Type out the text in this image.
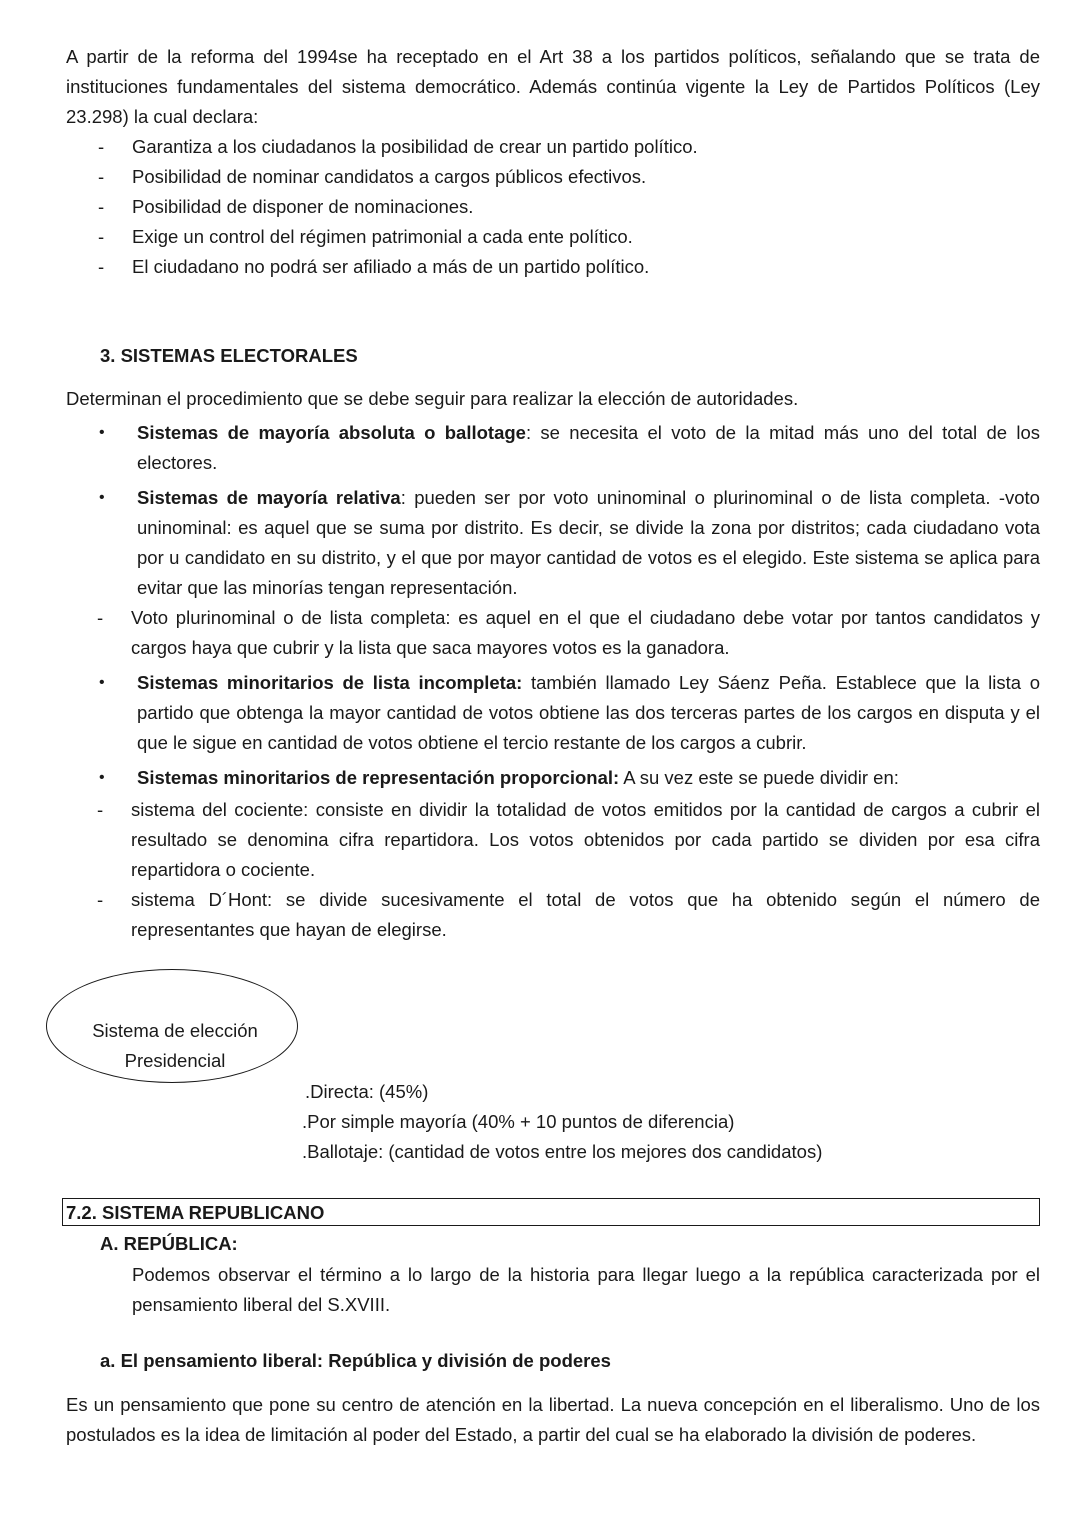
A partir de la reforma del 1994se ha receptado en el Art 38 a los partidos políticos, señalando que se trata de instituciones fundamentales del sistema democrático. Además continúa vigente la Ley de Partidos Políticos (Ley 23.298) la cual declara:

- Garantiza a los ciudadanos la posibilidad de crear un partido político.
- Posibilidad de nominar candidatos a cargos públicos efectivos.
- Posibilidad de disponer de nominaciones.
- Exige un control del régimen patrimonial a cada ente político.
- El ciudadano no podrá ser afiliado a más de un partido político.

3. SISTEMAS ELECTORALES

Determinan el procedimiento que se debe seguir para realizar la elección de autoridades.

• Sistemas de mayoría absoluta o ballotage: se necesita el voto de la mitad más uno del total de los electores.
• Sistemas de mayoría relativa: pueden ser por voto uninominal o plurinominal o de lista completa. -voto uninominal: es aquel que se suma por distrito. Es decir, se divide la zona por distritos; cada ciudadano vota por u candidato en su distrito, y el que por mayor cantidad de votos es el elegido. Este sistema se aplica para evitar que las minorías tengan representación.
- Voto plurinominal o de lista completa: es aquel en el que el ciudadano debe votar por tantos candidatos y cargos haya que cubrir y la lista que saca mayores votos es la ganadora.
• Sistemas minoritarios de lista incompleta: también llamado Ley Sáenz Peña. Establece que la lista o partido que obtenga la mayor cantidad de votos obtiene las dos terceras partes de los cargos en disputa y el que le sigue en cantidad de votos obtiene el tercio restante de los cargos a cubrir.
• Sistemas minoritarios de representación proporcional: A su vez este se puede dividir en:
- sistema del cociente: consiste en dividir la totalidad de votos emitidos por la cantidad de cargos a cubrir el resultado se denomina cifra repartidora. Los votos obtenidos por cada partido se dividen por esa cifra repartidora o cociente.
- sistema D´Hont: se divide sucesivamente el total de votos que ha obtenido según el número de representantes que hayan de elegirse.
Sistema de elección
Presidencial
.Directa: (45%)
.Por simple mayoría (40% + 10 puntos de diferencia)
.Ballotaje: (cantidad de votos entre los mejores dos candidatos)
7.2. SISTEMA REPUBLICANO

A. REPÚBLICA:

Podemos observar el término a lo largo de la historia para llegar luego a la república caracterizada por el pensamiento liberal del S.XVIII.

a. El pensamiento liberal: República y división de poderes

Es un pensamiento que pone su centro de atención en la libertad. La nueva concepción en el liberalismo. Uno de los postulados es la idea de limitación al poder del Estado, a partir del cual se ha elaborado la división de poderes.
